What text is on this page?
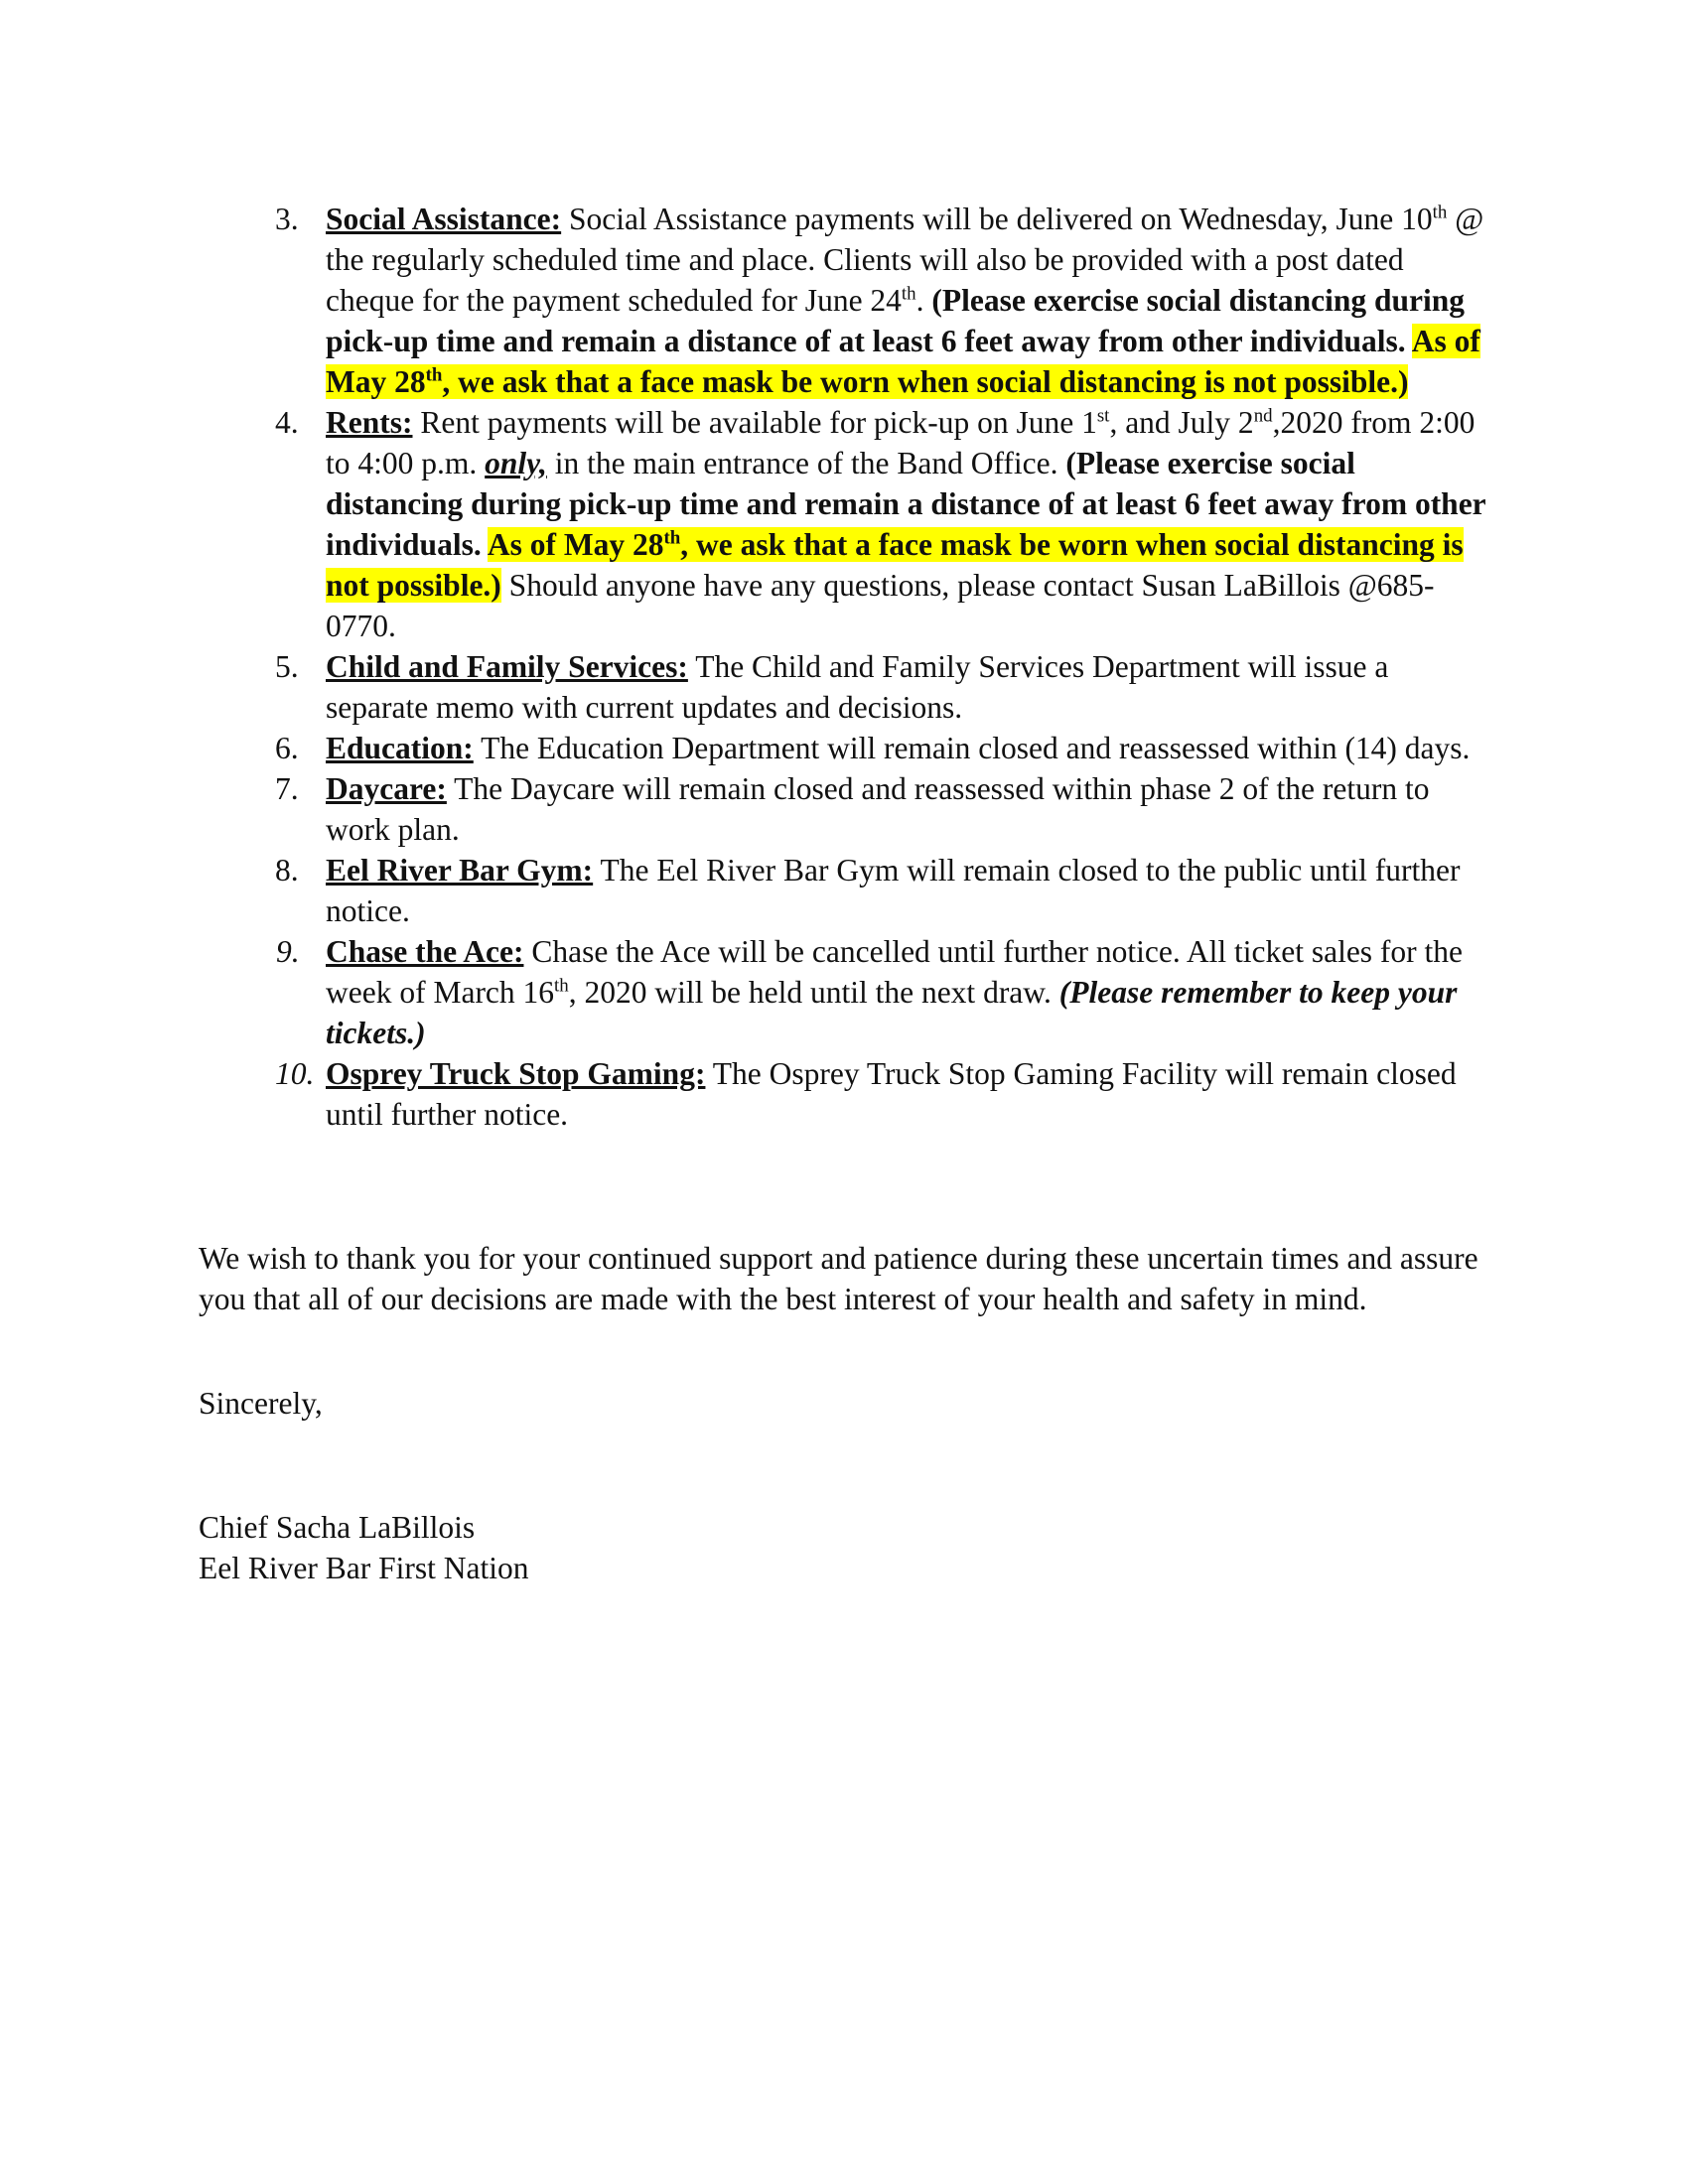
3. Social Assistance: Social Assistance payments will be delivered on Wednesday, June 10th @ the regularly scheduled time and place. Clients will also be provided with a post dated cheque for the payment scheduled for June 24th. (Please exercise social distancing during pick-up time and remain a distance of at least 6 feet away from other individuals. As of May 28th, we ask that a face mask be worn when social distancing is not possible.)
4. Rents: Rent payments will be available for pick-up on June 1st, and July 2nd,2020 from 2:00 to 4:00 p.m. only, in the main entrance of the Band Office. (Please exercise social distancing during pick-up time and remain a distance of at least 6 feet away from other individuals. As of May 28th, we ask that a face mask be worn when social distancing is not possible.) Should anyone have any questions, please contact Susan LaBillois @685-0770.
5. Child and Family Services: The Child and Family Services Department will issue a separate memo with current updates and decisions.
6. Education: The Education Department will remain closed and reassessed within (14) days.
7. Daycare: The Daycare will remain closed and reassessed within phase 2 of the return to work plan.
8. Eel River Bar Gym: The Eel River Bar Gym will remain closed to the public until further notice.
9. Chase the Ace: Chase the Ace will be cancelled until further notice. All ticket sales for the week of March 16th, 2020 will be held until the next draw. (Please remember to keep your tickets.)
10. Osprey Truck Stop Gaming: The Osprey Truck Stop Gaming Facility will remain closed until further notice.

We wish to thank you for your continued support and patience during these uncertain times and assure you that all of our decisions are made with the best interest of your health and safety in mind.

Sincerely,

Chief Sacha LaBillois
Eel River Bar First Nation
